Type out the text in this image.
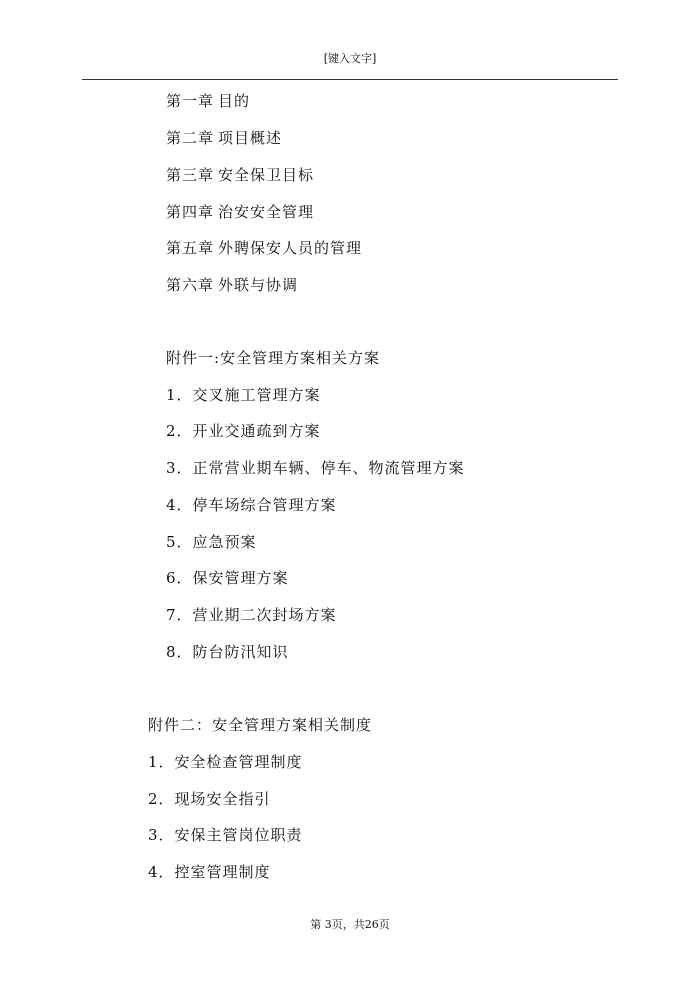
[键入文字]
第一章 目的
第二章 项目概述
第三章 安全保卫目标
第四章 治安安全管理
第五章 外聘保安人员的管理
第六章 外联与协调
附件一:安全管理方案相关方案
1．交叉施工管理方案
2．开业交通疏到方案
3．正常营业期车辆、停车、物流管理方案
4．停车场综合管理方案
5．应急预案
6．保安管理方案
7．营业期二次封场方案
8．防台防汛知识
附件二：安全管理方案相关制度
1．安全检查管理制度
2．现场安全指引
3．安保主管岗位职责
4．控室管理制度
第 3页，共26页
